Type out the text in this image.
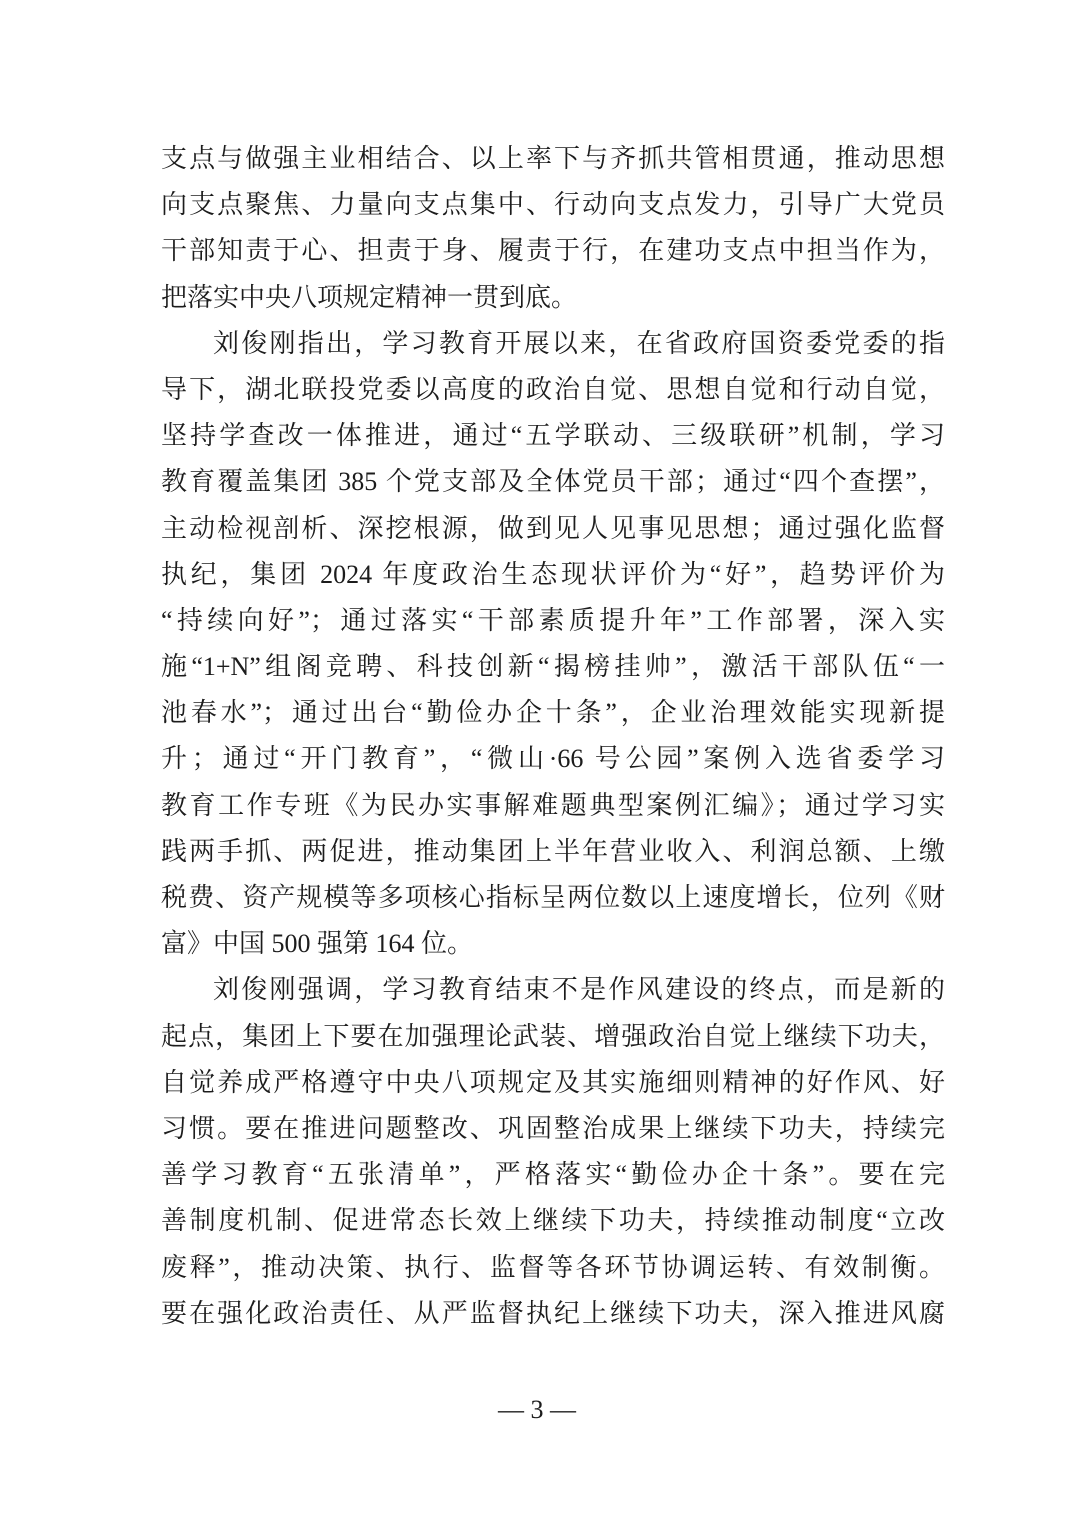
支点与做强主业相结合、以上率下与齐抓共管相贯通，推动思想
向支点聚焦、力量向支点集中、行动向支点发力，引导广大党员
干部知责于心、担责于身、履责于行，在建功支点中担当作为，
把落实中央八项规定精神一贯到底。
刘俊刚指出，学习教育开展以来，在省政府国资委党委的指
导下，湖北联投党委以高度的政治自觉、思想自觉和行动自觉，
坚持学查改一体推进，通过“五学联动、三级联研”机制，学习
教育覆盖集团 385 个党支部及全体党员干部；通过“四个查摆”，
主动检视剖析、深挖根源，做到见人见事见思想；通过强化监督
执纪，集团 2024 年度政治生态现状评价为“好”，趋势评价为
“持续向好”；通过落实“干部素质提升年”工作部署，深入实
施“1+N”组阁竞聘、科技创新“揭榜挂帅”，激活干部队伍“一
池春水”；通过出台“勤俭办企十条”，企业治理效能实现新提
升；通过“开门教育”，“微山·66 号公园”案例入选省委学习
教育工作专班《为民办实事解难题典型案例汇编》；通过学习实
践两手抓、两促进，推动集团上半年营业收入、利润总额、上缴
税费、资产规模等多项核心指标呈两位数以上速度增长，位列《财
富》中国 500 强第 164 位。
刘俊刚强调，学习教育结束不是作风建设的终点，而是新的
起点，集团上下要在加强理论武装、增强政治自觉上继续下功夫，
自觉养成严格遵守中央八项规定及其实施细则精神的好作风、好
习惯。要在推进问题整改、巩固整治成果上继续下功夫，持续完
善学习教育“五张清单”，严格落实“勤俭办企十条”。要在完
善制度机制、促进常态长效上继续下功夫，持续推动制度“立改
废释”，推动决策、执行、监督等各环节协调运转、有效制衡。
要在强化政治责任、从严监督执纪上继续下功夫，深入推进风腐
— 3 —
